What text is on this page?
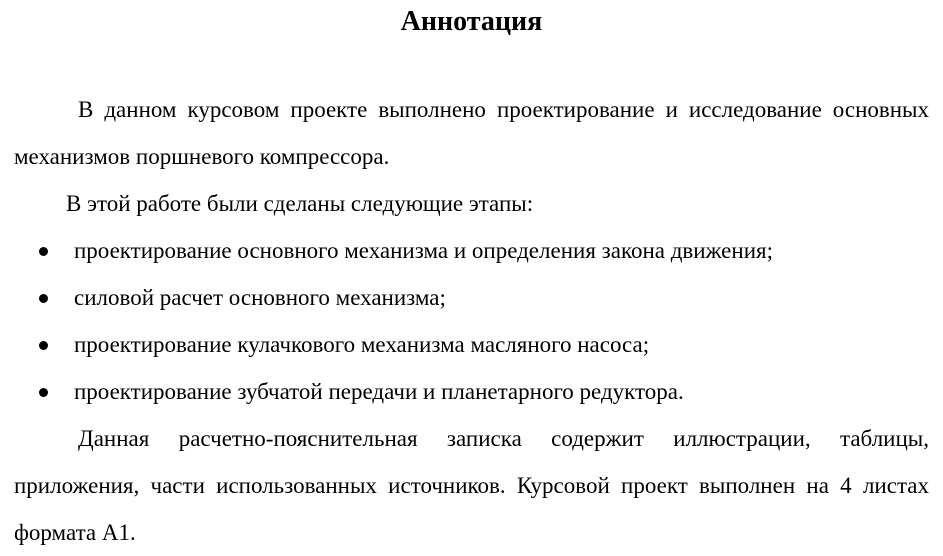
Аннотация
В данном курсовом проекте выполнено проектирование и исследование основных механизмов поршневого компрессора.
В этой работе были сделаны следующие этапы:
проектирование основного механизма и определения закона движения;
силовой расчет основного механизма;
проектирование кулачкового механизма масляного насоса;
проектирование зубчатой передачи и планетарного редуктора.
Данная расчетно-пояснительная записка содержит иллюстрации, таблицы, приложения, части использованных источников. Курсовой проект выполнен на 4 листах формата А1.
